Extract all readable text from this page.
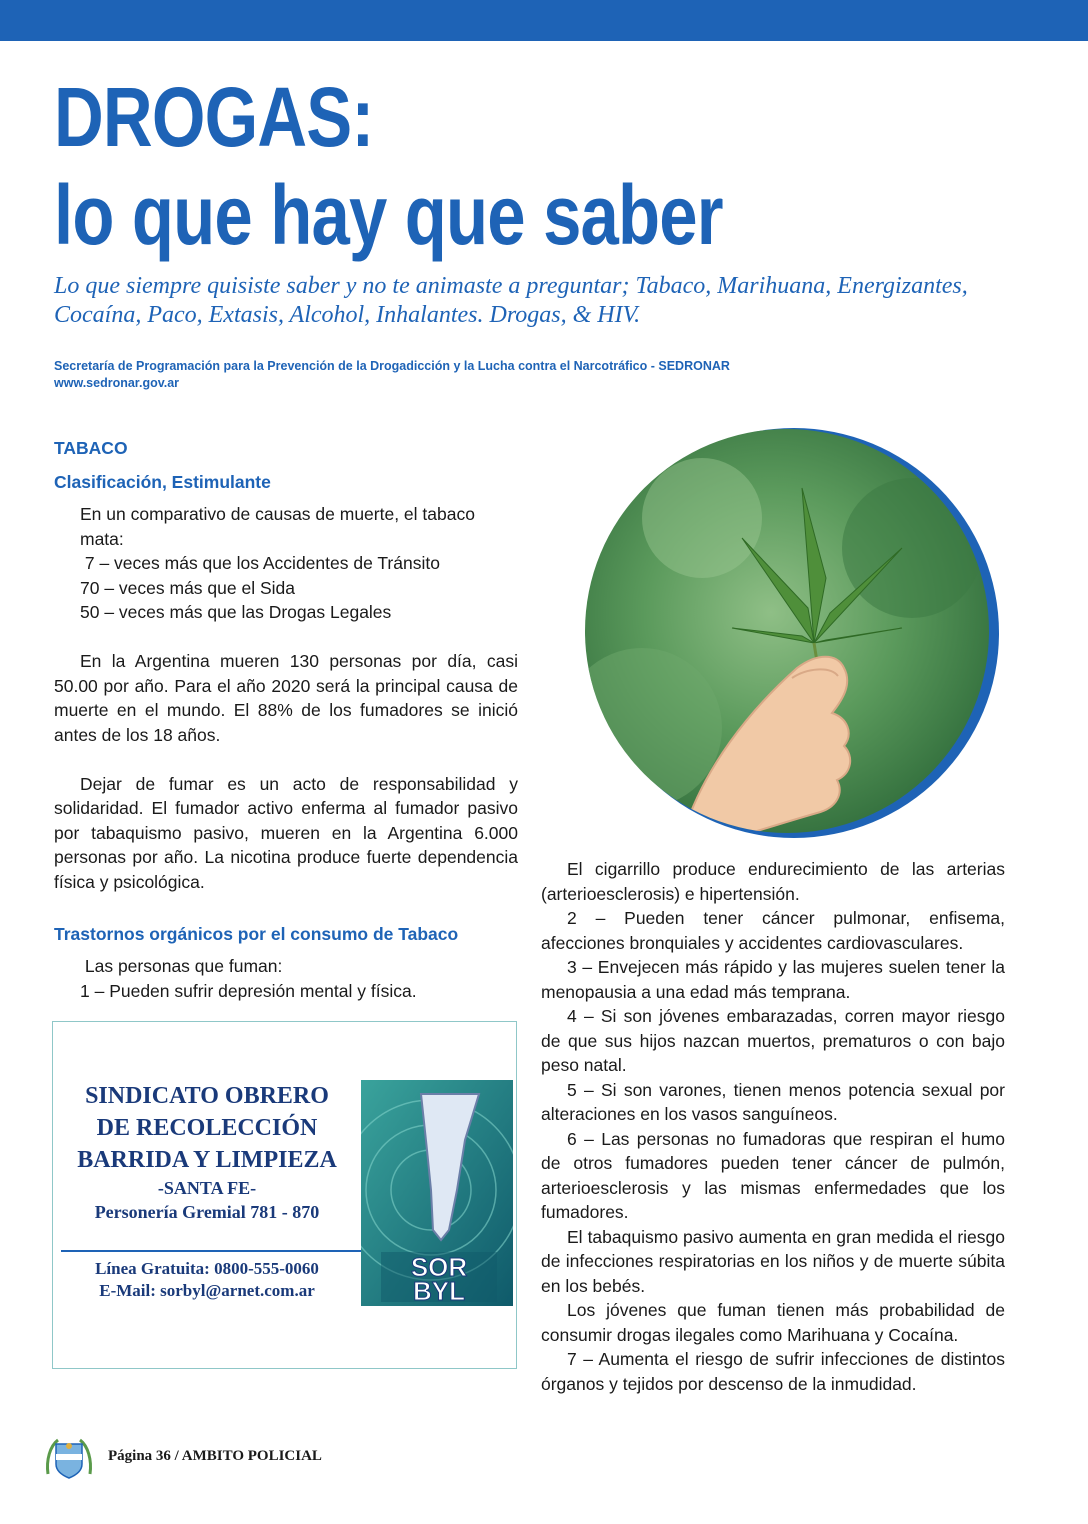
DROGAS:
lo que hay que saber

Lo que siempre quisiste saber y no te animaste a preguntar; Tabaco, Marihuana, Energizantes, Cocaína, Paco, Extasis, Alcohol, Inhalantes. Drogas, & HIV.

Secretaría de Programación para la Prevención de la Drogadicción y la Lucha contra el Narcotráfico - SEDRONAR
www.sedronar.gov.ar

TABACO

Clasificación, Estimulante

En un comparativo de causas de muerte, el tabaco mata:

7 – veces más que los Accidentes de Tránsito

70 – veces más que el Sida

50 – veces más que las Drogas Legales

En la Argentina mueren 130 personas por día, casi 50.00 por año. Para el año 2020 será la principal causa de muerte en el mundo. El 88% de los fumadores se inició antes de los 18 años.

Dejar de fumar es un acto de responsabilidad y solidaridad. El fumador activo enferma al fumador pasivo por tabaquismo pasivo, mueren en la Argentina 6.000 personas por año. La nicotina produce fuerte dependencia física y psicológica.

Trastornos orgánicos por el consumo de Tabaco

Las personas que fuman:

1 – Pueden sufrir depresión mental y física.

El cigarrillo produce endurecimiento de las arterias (arterioesclerosis) e hipertensión.

2 – Pueden tener cáncer pulmonar, enfisema, afecciones bronquiales y accidentes cardiovasculares.

3 – Envejecen más rápido y las mujeres suelen tener la menopausia a una edad más temprana.

4 – Si son jóvenes embarazadas, corren mayor riesgo de que sus hijos nazcan muertos, prematuros o con bajo peso natal.

5 – Si son varones, tienen menos potencia sexual por alteraciones en los vasos sanguíneos.

6 – Las personas no fumadoras que respiran el humo de otros fumadores pueden tener cáncer de pulmón, arterioesclerosis y las mismas enfermedades que los fumadores.

El tabaquismo pasivo aumenta en gran medida el riesgo de infecciones respiratorias en los niños y de muerte súbita en los bebés.

Los jóvenes que fuman tienen más probabilidad de consumir drogas ilegales como Marihuana y Cocaína.

7 – Aumenta el riesgo de sufrir infecciones de distintos órganos y tejidos por descenso de la inmudidad.

SINDICATO OBRERO

DE RECOLECCIÓN

BARRIDA Y LIMPIEZA

-SANTA FE-

Personería Gremial 781 - 870

Línea Gratuita: 0800-555-0060
E-Mail: sorbyl@arnet.com.ar
SOR
BYL
Página 36 / AMBITO POLICIAL
